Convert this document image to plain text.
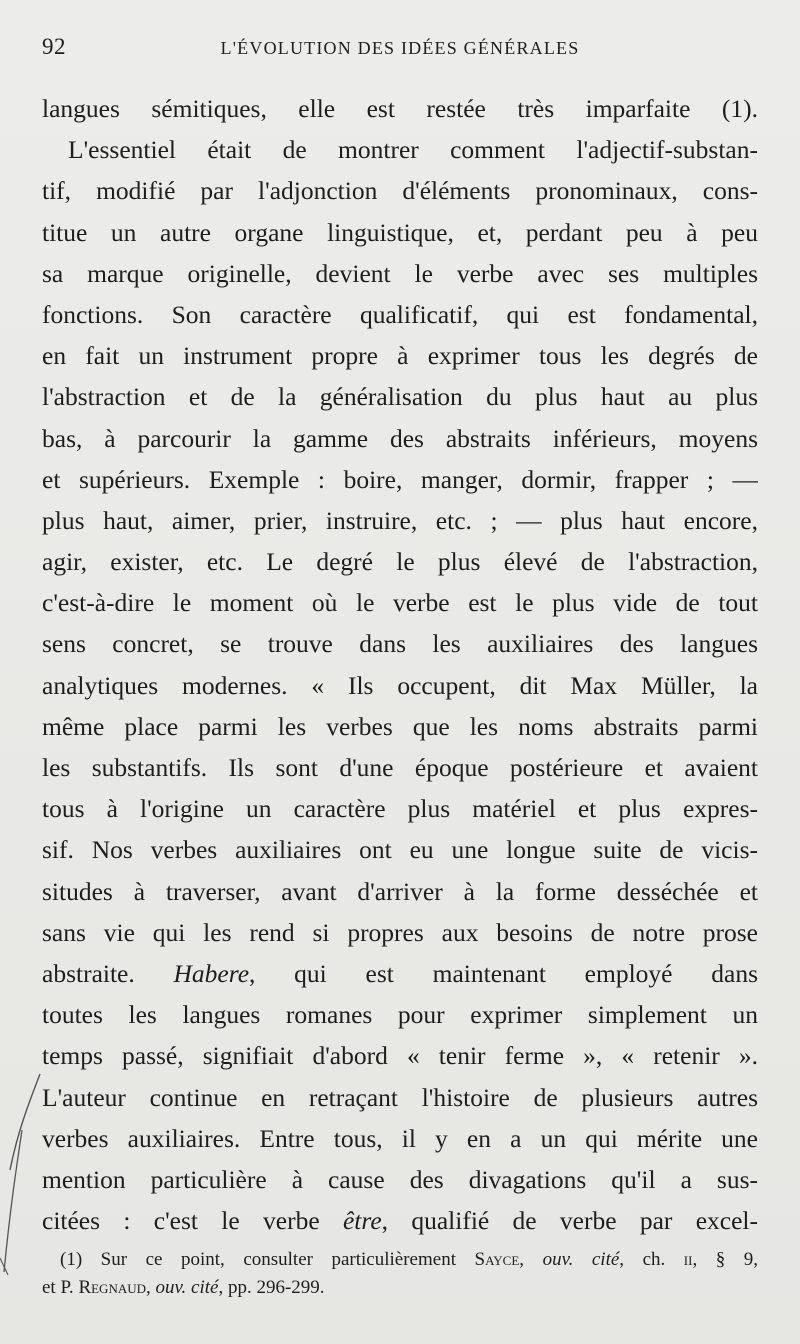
92	L'ÉVOLUTION DES IDÉES GÉNÉRALES
langues sémitiques, elle est restée très imparfaite (1).
L'essentiel était de montrer comment l'adjectif-substan-
tif, modifié par l'adjonction d'éléments pronominaux, cons-
titue un autre organe linguistique, et, perdant peu à peu
sa marque originelle, devient le verbe avec ses multiples
fonctions. Son caractère qualificatif, qui est fondamental,
en fait un instrument propre à exprimer tous les degrés de
l'abstraction et de la généralisation du plus haut au plus
bas, à parcourir la gamme des abstraits inférieurs, moyens
et supérieurs. Exemple : boire, manger, dormir, frapper ; —
plus haut, aimer, prier, instruire, etc. ; — plus haut encore,
agir, exister, etc. Le degré le plus élevé de l'abstraction,
c'est-à-dire le moment où le verbe est le plus vide de tout
sens concret, se trouve dans les auxiliaires des langues
analytiques modernes. « Ils occupent, dit Max Müller, la
même place parmi les verbes que les noms abstraits parmi
les substantifs. Ils sont d'une époque postérieure et avaient
tous à l'origine un caractère plus matériel et plus expres-
sif. Nos verbes auxiliaires ont eu une longue suite de vicis-
situdes à traverser, avant d'arriver à la forme desséchée et
sans vie qui les rend si propres aux besoins de notre prose
abstraite. Habere, qui est maintenant employé dans
toutes les langues romanes pour exprimer simplement un
temps passé, signifiait d'abord « tenir ferme », « retenir ».
L'auteur continue en retraçant l'histoire de plusieurs autres
verbes auxiliaires. Entre tous, il y en a un qui mérite une
mention particulière à cause des divagations qu'il a sus-
citées : c'est le verbe être, qualifié de verbe par excel-
(1) Sur ce point, consulter particulièrement Sayce, ouv. cité, ch. ii, § 9,
et P. Regnaud, ouv. cité, pp. 296-299.
